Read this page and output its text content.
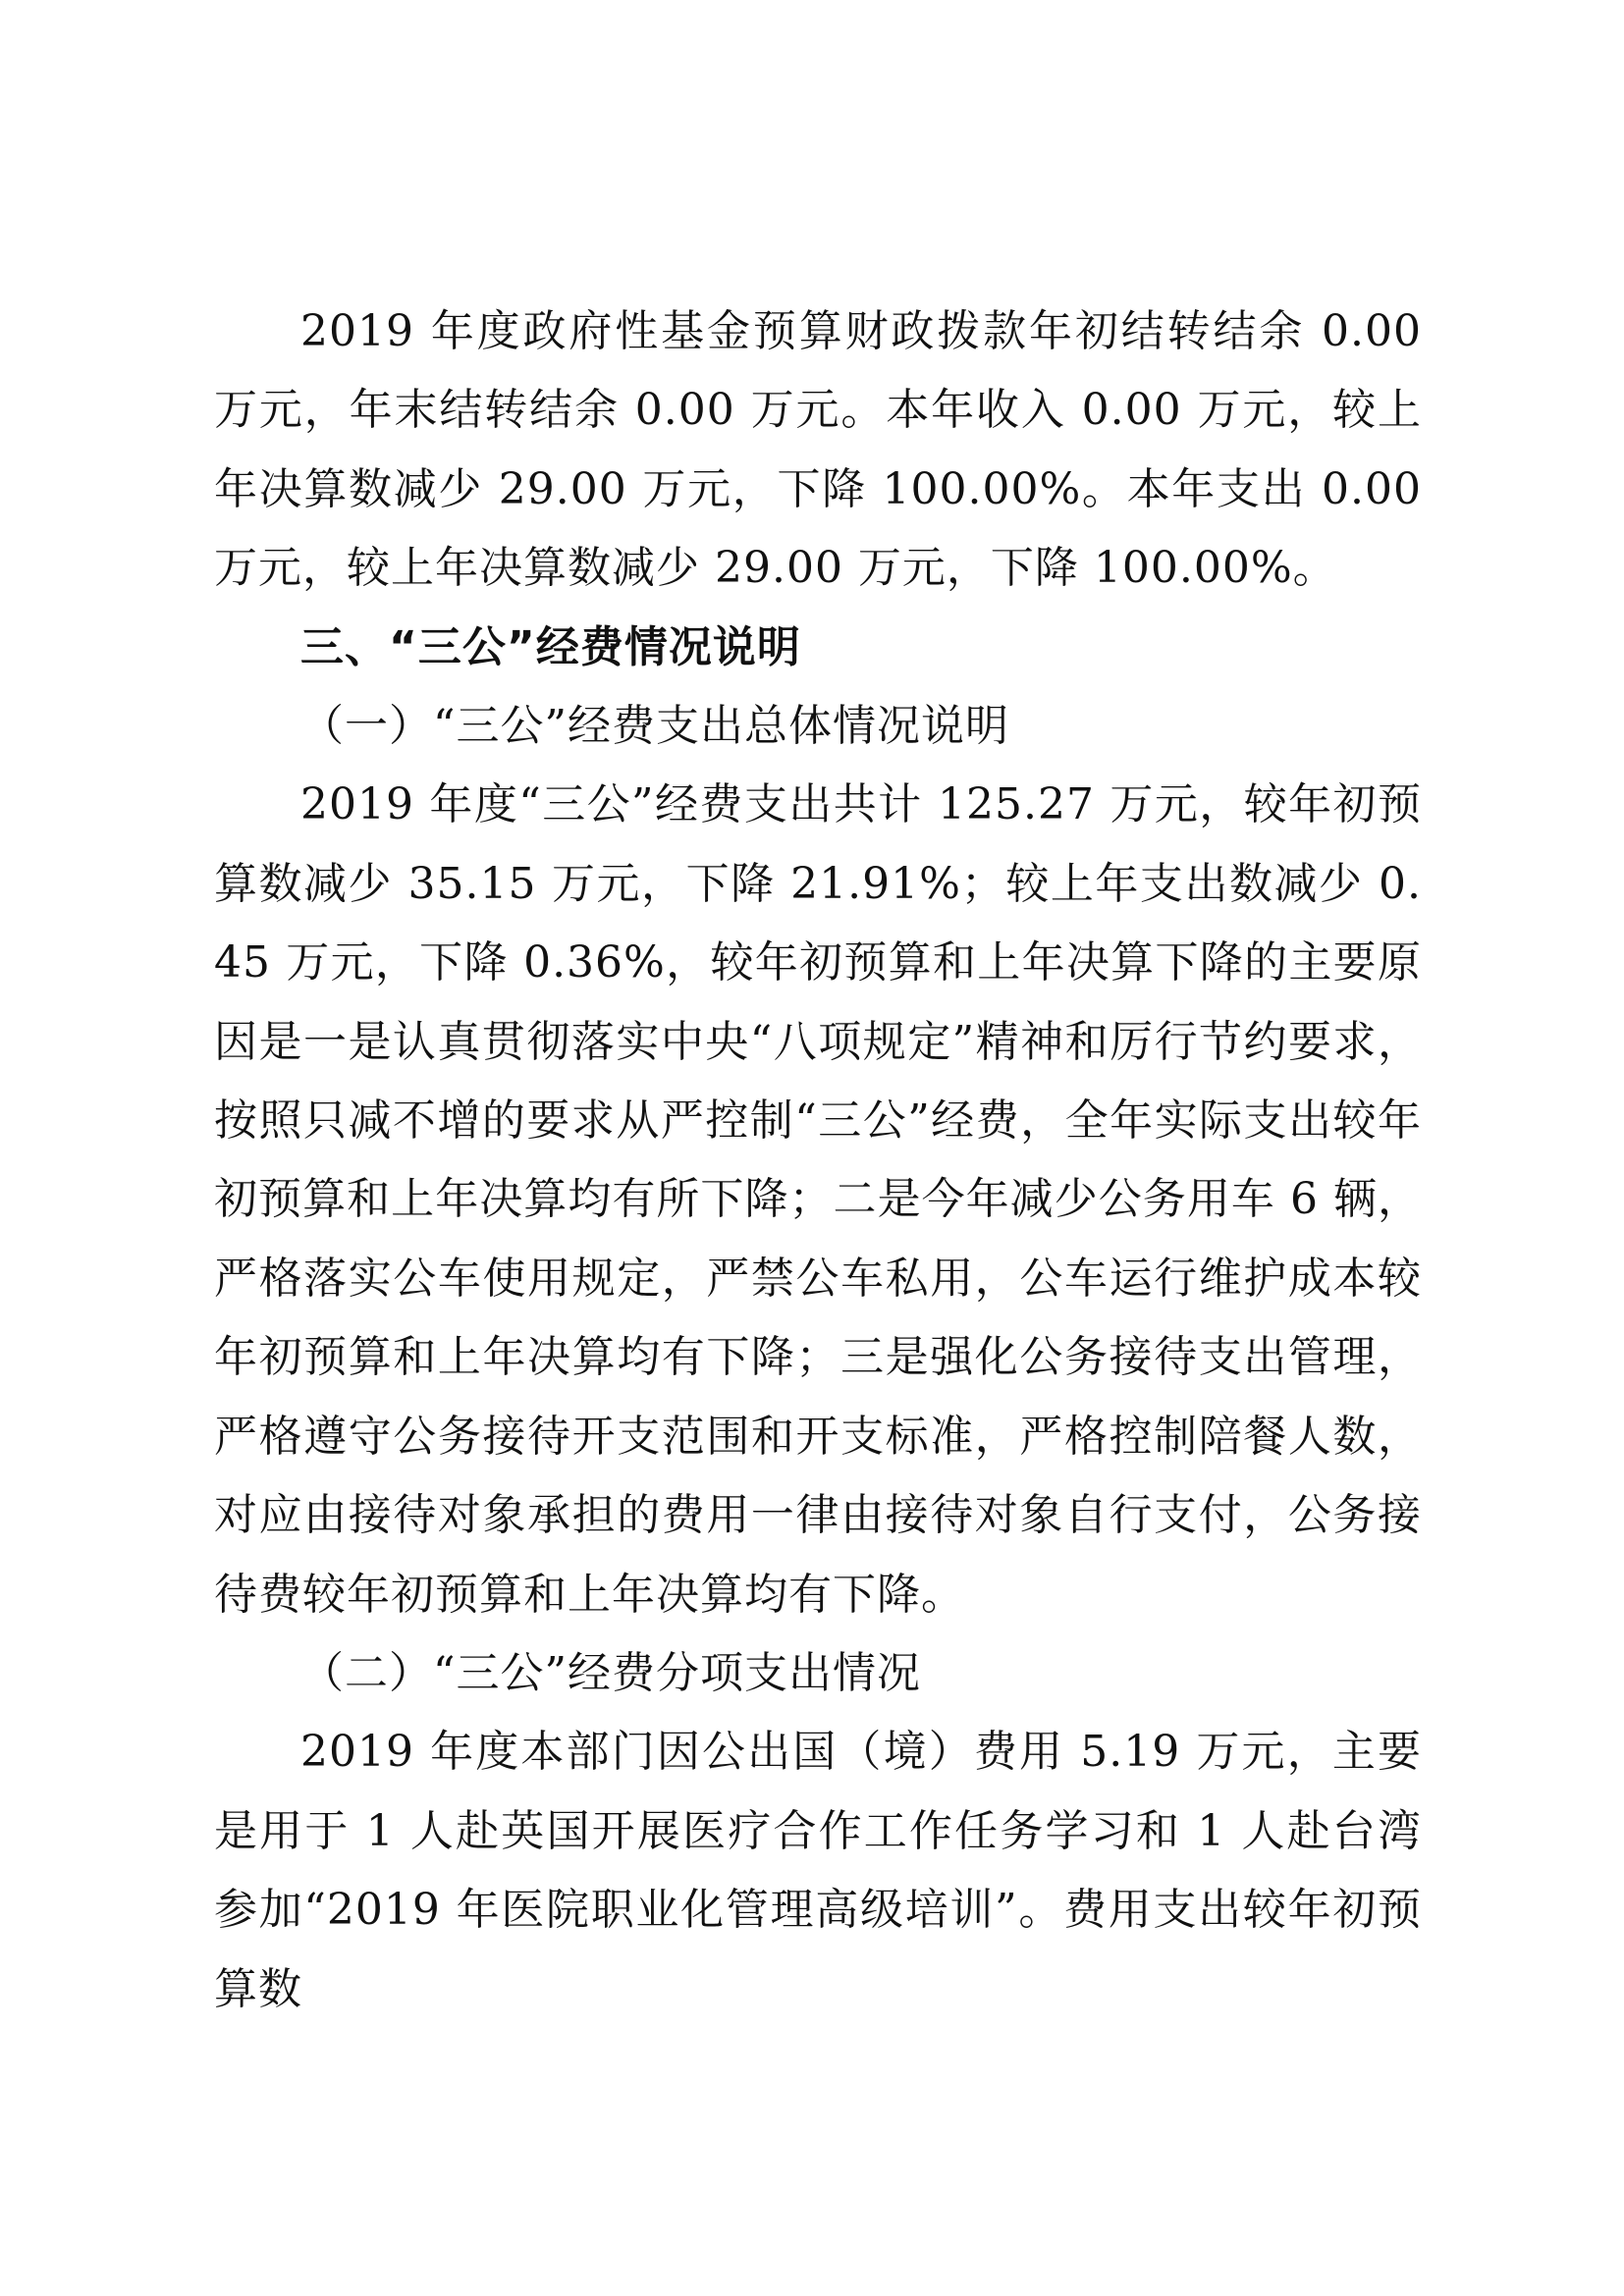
2019 年度政府性基金预算财政拨款年初结转结余 0.00 万元，年末结转结余 0.00 万元。本年收入 0.00 万元，较上年决算数减少 29.00 万元，下降 100.00%。本年支出 0.00 万元，较上年决算数减少 29.00 万元，下降 100.00%。

三、“三公”经费情况说明

（一）“三公”经费支出总体情况说明

2019 年度“三公”经费支出共计 125.27 万元，较年初预算数减少 35.15 万元，下降 21.91%；较上年支出数减少 0.45 万元，下降 0.36%，较年初预算和上年决算下降的主要原因是一是认真贯彻落实中央“八项规定”精神和厉行节约要求，按照只减不增的要求从严控制“三公”经费，全年实际支出较年初预算和上年决算均有所下降；二是今年减少公务用车 6 辆，严格落实公车使用规定，严禁公车私用，公车运行维护成本较年初预算和上年决算均有下降；三是强化公务接待支出管理，严格遵守公务接待开支范围和开支标准，严格控制陪餐人数，对应由接待对象承担的费用一律由接待对象自行支付，公务接待费较年初预算和上年决算均有下降。

（二）“三公”经费分项支出情况

2019 年度本部门因公出国（境）费用 5.19 万元，主要是用于 1 人赴英国开展医疗合作工作任务学习和 1 人赴台湾参加“2019 年医院职业化管理高级培训”。费用支出较年初预算数
